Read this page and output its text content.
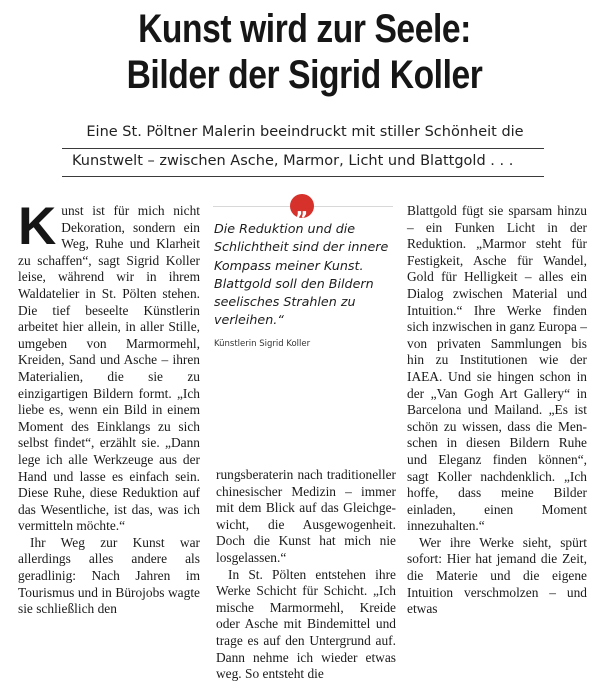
Kunst wird zur Seele:
Bilder der Sigrid Koller
Eine St. Pöltner Malerin beeindruckt mit stiller Schönheit die
Kunstwelt – zwischen Asche, Marmor, Licht und Blattgold . . .

Kunst ist für mich nicht Dekoration, sondern ein Weg, Ruhe und Klarheit zu schaffen“, sagt Sigrid Koller leise, während wir in ihrem Waldatelier in St. Pölten stehen. Die tief beseelte Künstlerin arbeitet hier allein, in aller Stille, umgeben von Marmormehl, Kreiden, Sand und Asche – ihren Materialien, die sie zu einzigartigen Bildern formt. „Ich liebe es, wenn ein Bild in einem Moment des Einklangs zu sich selbst findet“, erzählt sie. „Dann lege ich alle Werkzeuge aus der Hand und lasse es einfach sein. Diese Ruhe, diese Reduktion auf das Wesentliche, ist das, was ich vermitteln möchte.“

Ihr Weg zur Kunst war allerdings alles andere als geradlinig: Nach Jahren im Tourismus und in Bürojobs wagte sie schließlich den

„
Die Reduktion und die Schlichtheit sind der innere Kompass meiner Kunst. Blattgold soll den Bildern seelisches Strahlen zu verleihen.“
Künstlerin Sigrid Koller

rungsberaterin nach traditioneller chinesischer Medizin – immer mit dem Blick auf das Gleichgewicht, die Ausgewogenheit. Doch die Kunst hat mich nie losgelassen.“

In St. Pölten entstehen ihre Werke Schicht für Schicht. „Ich mische Marmormehl, Kreide oder Asche mit Bindemittel und trage es auf den Untergrund auf. Dann nehme ich wieder etwas weg. So entsteht die

Blattgold fügt sie sparsam hinzu – ein Funken Licht in der Reduktion. „Marmor steht für Festigkeit, Asche für Wandel, Gold für Helligkeit – alles ein Dialog zwischen Material und Intuition.“ Ihre Werke finden sich inzwischen in ganz Europa – von privaten Sammlungen bis hin zu Institutionen wie der IAEA. Und sie hingen schon in der „Van Gogh Art Gallery“ in Barcelona und Mailand. „Es ist schön zu wissen, dass die Menschen in diesen Bildern Ruhe und Eleganz finden können“, sagt Koller nachdenklich. „Ich hoffe, dass meine Bilder einladen, einen Moment innezuhalten.“

Wer ihre Werke sieht, spürt sofort: Hier hat jemand die Zeit, die Materie und die eigene Intuition verschmolzen – und etwas
